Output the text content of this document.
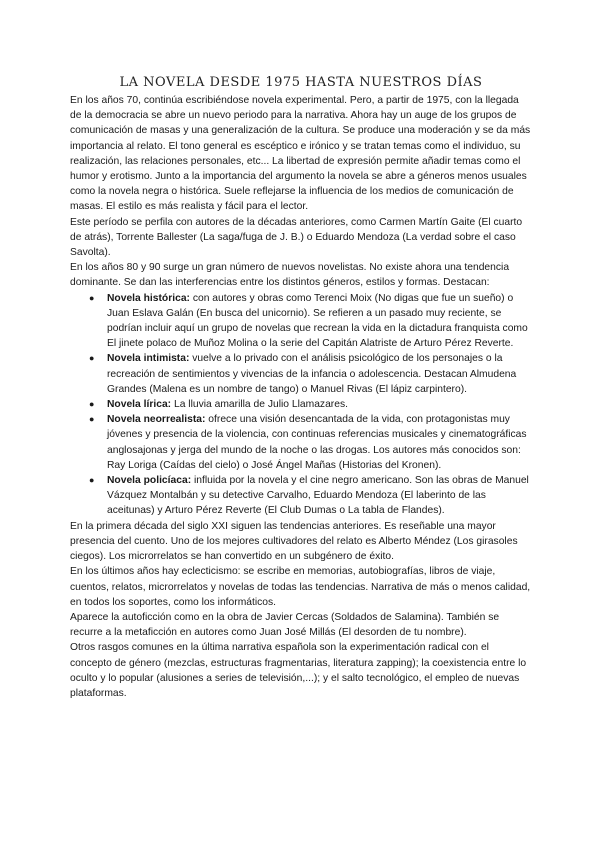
LA NOVELA DESDE 1975 HASTA NUESTROS DÍAS

En los años 70, continúa escribiéndose novela experimental. Pero, a partir de 1975, con la llegada de la democracia se abre un nuevo periodo para la narrativa. Ahora hay un auge de los grupos de comunicación de masas y una generalización de la cultura. Se produce una moderación y se da más importancia al relato. El tono general es escéptico e irónico y se tratan temas como el individuo, su realización, las relaciones personales, etc... La libertad de expresión permite añadir temas como el humor y erotismo. Junto a la importancia del argumento la novela se abre a géneros menos usuales como la novela negra o histórica. Suele reflejarse la influencia de los medios de comunicación de masas. El estilo es más realista y fácil para el lector.

Este período se perfila con autores de la décadas anteriores, como Carmen Martín Gaite (El cuarto de atrás), Torrente Ballester (La saga/fuga de J. B.) o Eduardo Mendoza (La verdad sobre el caso Savolta).

En los años 80 y 90 surge un gran número de nuevos novelistas. No existe ahora una tendencia dominante. Se dan las interferencias entre los distintos géneros, estilos y formas. Destacan:

● Novela histórica: con autores y obras como Terenci Moix (No digas que fue un sueño) o Juan Eslava Galán (En busca del unicornio). Se refieren a un pasado muy reciente, se podrían incluir aquí un grupo de novelas que recrean la vida en la dictadura franquista como El jinete polaco de Muñoz Molina o la serie del Capitán Alatriste de Arturo Pérez Reverte.
● Novela intimista: vuelve a lo privado con el análisis psicológico de los personajes o la recreación de sentimientos y vivencias de la infancia o adolescencia. Destacan Almudena Grandes (Malena es un nombre de tango) o Manuel Rivas (El lápiz carpintero).
● Novela lírica: La lluvia amarilla de Julio Llamazares.
● Novela neorrealista: ofrece una visión desencantada de la vida, con protagonistas muy jóvenes y presencia de la violencia, con continuas referencias musicales y cinematográficas anglosajonas y jerga del mundo de la noche o las drogas. Los autores más conocidos son: Ray Loriga (Caídas del cielo) o José Ángel Mañas (Historias del Kronen).
● Novela policíaca: influida por la novela y el cine negro americano. Son las obras de Manuel Vázquez Montalbán y su detective Carvalho, Eduardo Mendoza (El laberinto de las aceitunas) y Arturo Pérez Reverte (El Club Dumas o La tabla de Flandes).

En la primera década del siglo XXI siguen las tendencias anteriores. Es reseñable una mayor presencia del cuento. Uno de los mejores cultivadores del relato es Alberto Méndez (Los girasoles ciegos). Los microrrelatos se han convertido en un subgénero de éxito.

En los últimos años hay eclecticismo: se escribe en memorias, autobiografías, libros de viaje, cuentos, relatos, microrrelatos y novelas de todas las tendencias. Narrativa de más o menos calidad, en todos los soportes, como los informáticos.

Aparece la autoficción como en la obra de Javier Cercas (Soldados de Salamina). También se recurre a la metaficción en autores como Juan José Millás (El desorden de tu nombre).

Otros rasgos comunes en la última narrativa española son la experimentación radical con el concepto de género (mezclas, estructuras fragmentarias, literatura zapping); la coexistencia entre lo oculto y lo popular (alusiones a series de televisión,...); y el salto tecnológico, el empleo de nuevas plataformas.
